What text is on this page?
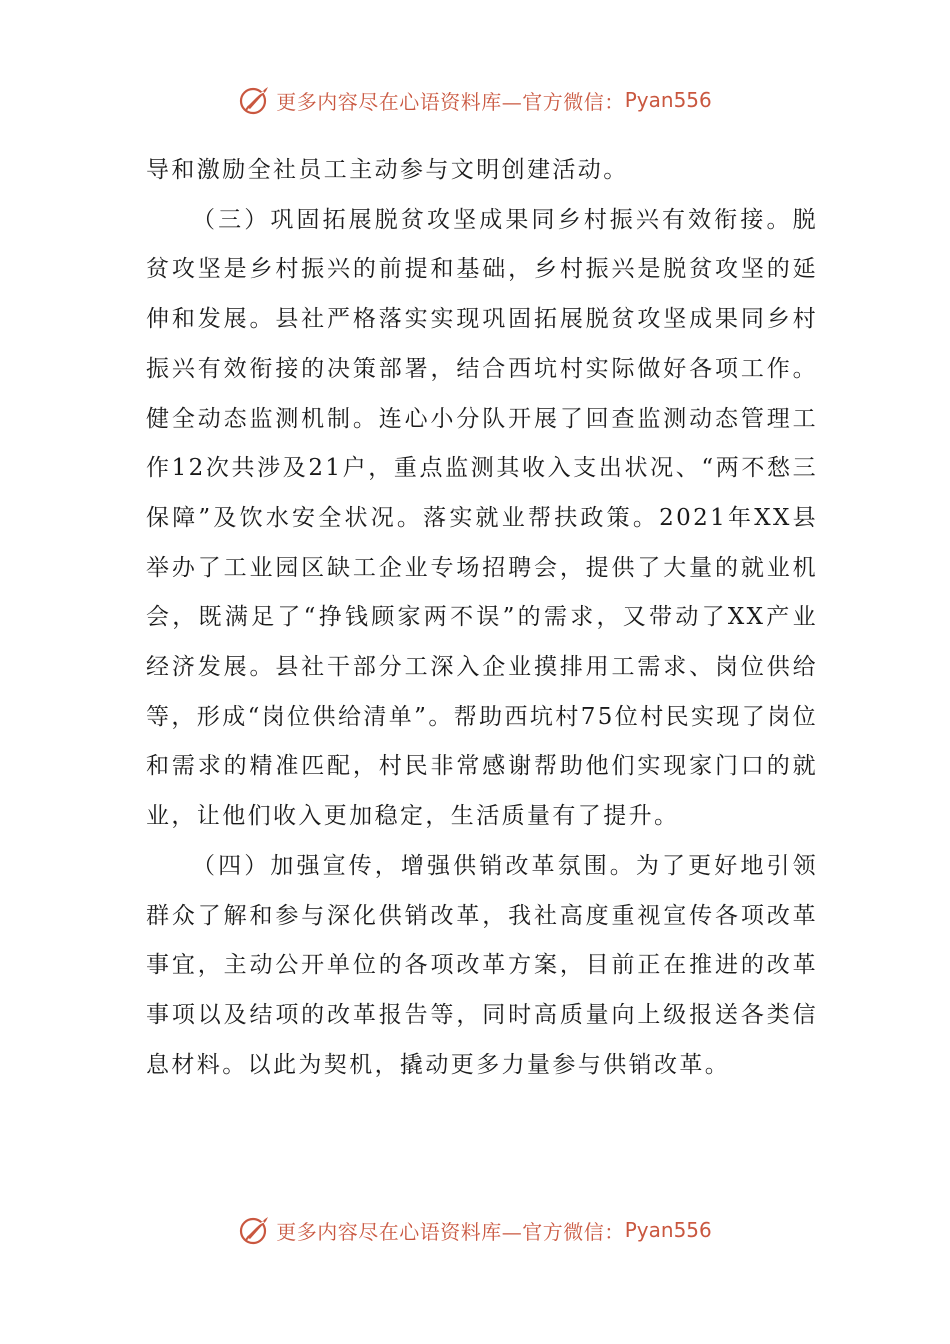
更多内容尽在心语资料库—官方微信： Pyan556

导和激励全社员工主动参与文明创建活动。

（三）巩固拓展脱贫攻坚成果同乡村振兴有效衔接。脱贫攻坚是乡村振兴的前提和基础，乡村振兴是脱贫攻坚的延伸和发展。县社严格落实实现巩固拓展脱贫攻坚成果同乡村振兴有效衔接的决策部署，结合西坑村实际做好各项工作。健全动态监测机制。连心小分队开展了回查监测动态管理工作12次共涉及21户，重点监测其收入支出状况、“两不愁三保障”及饮水安全状况。落实就业帮扶政策。2021年XX县举办了工业园区缺工企业专场招聘会，提供了大量的就业机会，既满足了“挣钱顾家两不误”的需求，又带动了XX产业经济发展。县社干部分工深入企业摸排用工需求、岗位供给等，形成“岗位供给清单”。帮助西坑村75位村民实现了岗位和需求的精准匹配，村民非常感谢帮助他们实现家门口的就业，让他们收入更加稳定，生活质量有了提升。

（四）加强宣传，增强供销改革氛围。为了更好地引领群众了解和参与深化供销改革，我社高度重视宣传各项改革事宜，主动公开单位的各项改革方案，目前正在推进的改革事项以及结项的改革报告等，同时高质量向上级报送各类信息材料。以此为契机，撬动更多力量参与供销改革。

更多内容尽在心语资料库—官方微信： Pyan556
